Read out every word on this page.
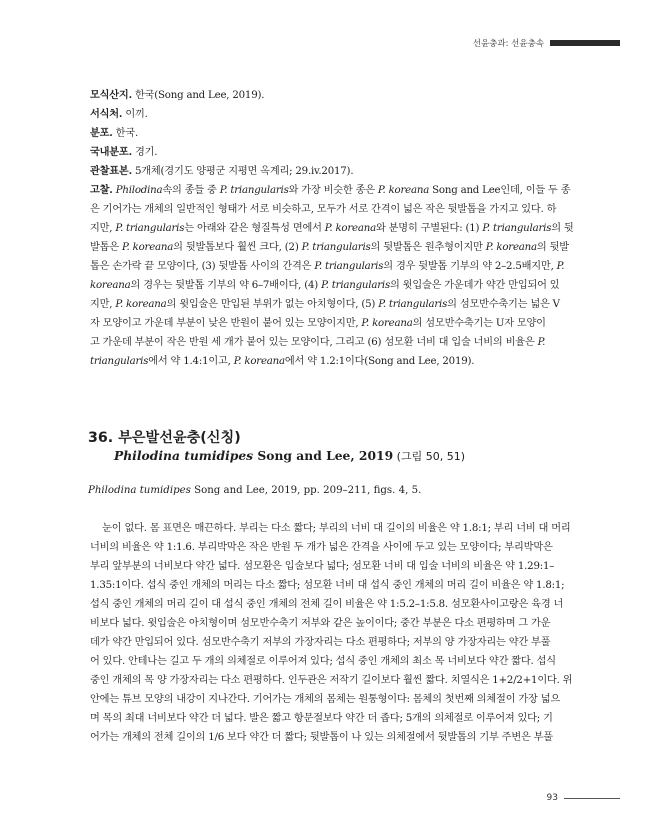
선윤충과: 선윤충속

모식산지. 한국(Song and Lee, 2019).

서식처. 이끼.

분포. 한국.

국내분포. 경기.

관찰표본. 5개체(경기도 양평군 지평면 옥계리; 29.iv.2017).

고찰. Philodina속의 종들 중 P. triangularis와 가장 비슷한 종은 P. koreana Song and Lee인데, 이들 두 종

은 기어가는 개체의 일반적인 형태가 서로 비슷하고, 모두가 서로 간격이 넓은 작은 뒷발톱을 가지고 있다. 하

지만, P. triangularis는 아래와 같은 형질특성 면에서 P. koreana와 분명히 구별된다: (1) P. triangularis의 뒷

발톱은 P. koreana의 뒷발톱보다 훨씬 크다, (2) P. triangularis의 뒷발톱은 원추형이지만 P. koreana의 뒷발

톱은 손가락 끝 모양이다, (3) 뒷발톱 사이의 간격은 P. triangularis의 경우 뒷발톱 기부의 약 2–2.5배지만, P.

koreana의 경우는 뒷발톱 기부의 약 6–7배이다, (4) P. triangularis의 윗입술은 가운데가 약간 만입되어 있

지만, P. koreana의 윗입술은 만입된 부위가 없는 아치형이다, (5) P. triangularis의 섬모반수축기는 넓은 V

자 모양이고 가운데 부분이 낮은 반원이 붙어 있는 모양이지만, P. koreana의 섬모반수축기는 U자 모양이

고 가운데 부분이 작은 반원 세 개가 붙어 있는 모양이다, 그리고 (6) 섬모환 너비 대 입술 너비의 비율은 P.

triangularis에서 약 1.4:1이고, P. koreana에서 약 1.2:1이다(Song and Lee, 2019).

36. 부은발선윤충(신칭)

Philodina tumidipes Song and Lee, 2019 (그림 50, 51)

Philodina tumidipes Song and Lee, 2019, pp. 209–211, figs. 4, 5.

눈이 없다. 몸 표면은 매끈하다. 부리는 다소 짧다; 부리의 너비 대 길이의 비율은 약 1.8:1; 부리 너비 대 머리

너비의 비율은 약 1:1.6. 부리박막은 작은 반원 두 개가 넓은 간격을 사이에 두고 있는 모양이다; 부리박막은

부리 앞부분의 너비보다 약간 넓다. 섬모환은 입술보다 넓다; 섬모환 너비 대 입술 너비의 비율은 약 1.29:1–

1.35:1이다. 섭식 중인 개체의 머리는 다소 짧다; 섬모환 너비 대 섭식 중인 개체의 머리 길이 비율은 약 1.8:1;

섭식 중인 개체의 머리 길이 대 섭식 중인 개체의 전체 길이 비율은 약 1:5.2–1:5.8. 섬모환사이고랑은 육경 너

비보다 넓다. 윗입술은 아치형이며 섬모반수축기 저부와 같은 높이이다; 중간 부분은 다소 편평하며 그 가운

데가 약간 만입되어 있다. 섬모반수축기 저부의 가장자리는 다소 편평하다; 저부의 양 가장자리는 약간 부풀

어 있다. 안테나는 길고 두 개의 의체절로 이루어져 있다; 섭식 중인 개체의 최소 목 너비보다 약간 짧다. 섭식

중인 개체의 목 양 가장자리는 다소 편평하다. 인두관은 저작기 길이보다 훨씬 짧다. 치열식은 1+2/2+1이다. 위

안에는 튜브 모양의 내강이 지나간다. 기어가는 개체의 몸체는 원통형이다: 몸체의 첫번째 의체절이 가장 넓으

며 목의 최대 너비보다 약간 더 넓다. 발은 짧고 항문절보다 약간 더 좁다; 5개의 의체절로 이루어져 있다; 기

어가는 개체의 전체 길이의 1/6 보다 약간 더 짧다; 뒷발톱이 나 있는 의체절에서 뒷발톱의 기부 주변은 부풀

93
